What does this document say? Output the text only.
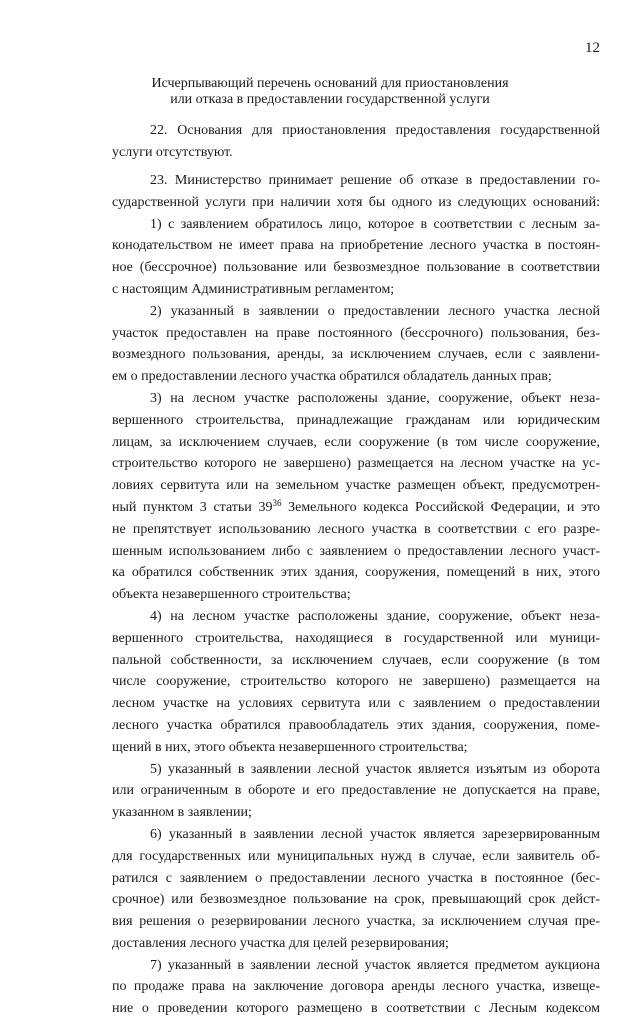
12
Исчерпывающий перечень оснований для приостановления
или отказа в предоставлении государственной услуги
22. Основания для приостановления предоставления государственной
услуги отсутствуют.
23. Министерство принимает решение об отказе в предоставлении го-
сударственной услуги при наличии хотя бы одного из следующих оснований:
1) с заявлением обратилось лицо, которое в соответствии с лесным за-
конодательством не имеет права на приобретение лесного участка в постоян-
ное (бессрочное) пользование или безвозмездное пользование в соответствии
с настоящим Административным регламентом;
2) указанный в заявлении о предоставлении лесного участка лесной
участок предоставлен на праве постоянного (бессрочного) пользования, без-
возмездного пользования, аренды, за исключением случаев, если с заявлени-
ем о предоставлении лесного участка обратился обладатель данных прав;
3) на лесном участке расположены здание, сооружение, объект неза-
вершенного строительства, принадлежащие гражданам или юридическим
лицам, за исключением случаев, если сооружение (в том числе сооружение,
строительство которого не завершено) размещается на лесном участке на ус-
ловиях сервитута или на земельном участке размещен объект, предусмотрен-
ный пунктом 3 статьи $39^{36}$ Земельного кодекса Российской Федерации, и это
не препятствует использованию лесного участка в соответствии с его разре-
шенным использованием либо с заявлением о предоставлении лесного участ-
ка обратился собственник этих здания, сооружения, помещений в них, этого
объекта незавершенного строительства;
4) на лесном участке расположены здание, сооружение, объект неза-
вершенного строительства, находящиеся в государственной или муници-
пальной собственности, за исключением случаев, если сооружение (в том
числе сооружение, строительство которого не завершено) размещается на
лесном участке на условиях сервитута или с заявлением о предоставлении
лесного участка обратился правообладатель этих здания, сооружения, поме-
щений в них, этого объекта незавершенного строительства;
5) указанный в заявлении лесной участок является изъятым из оборота
или ограниченным в обороте и его предоставление не допускается на праве,
указанном в заявлении;
6) указанный в заявлении лесной участок является зарезервированным
для государственных или муниципальных нужд в случае, если заявитель об-
ратился с заявлением о предоставлении лесного участка в постоянное (бес-
срочное) или безвозмездное пользование на срок, превышающий срок дейст-
вия решения о резервировании лесного участка, за исключением случая пре-
доставления лесного участка для целей резервирования;
7) указанный в заявлении лесной участок является предметом аукциона
по продаже права на заключение договора аренды лесного участка, извеще-
ние о проведении которого размещено в соответствии с Лесным кодексом
